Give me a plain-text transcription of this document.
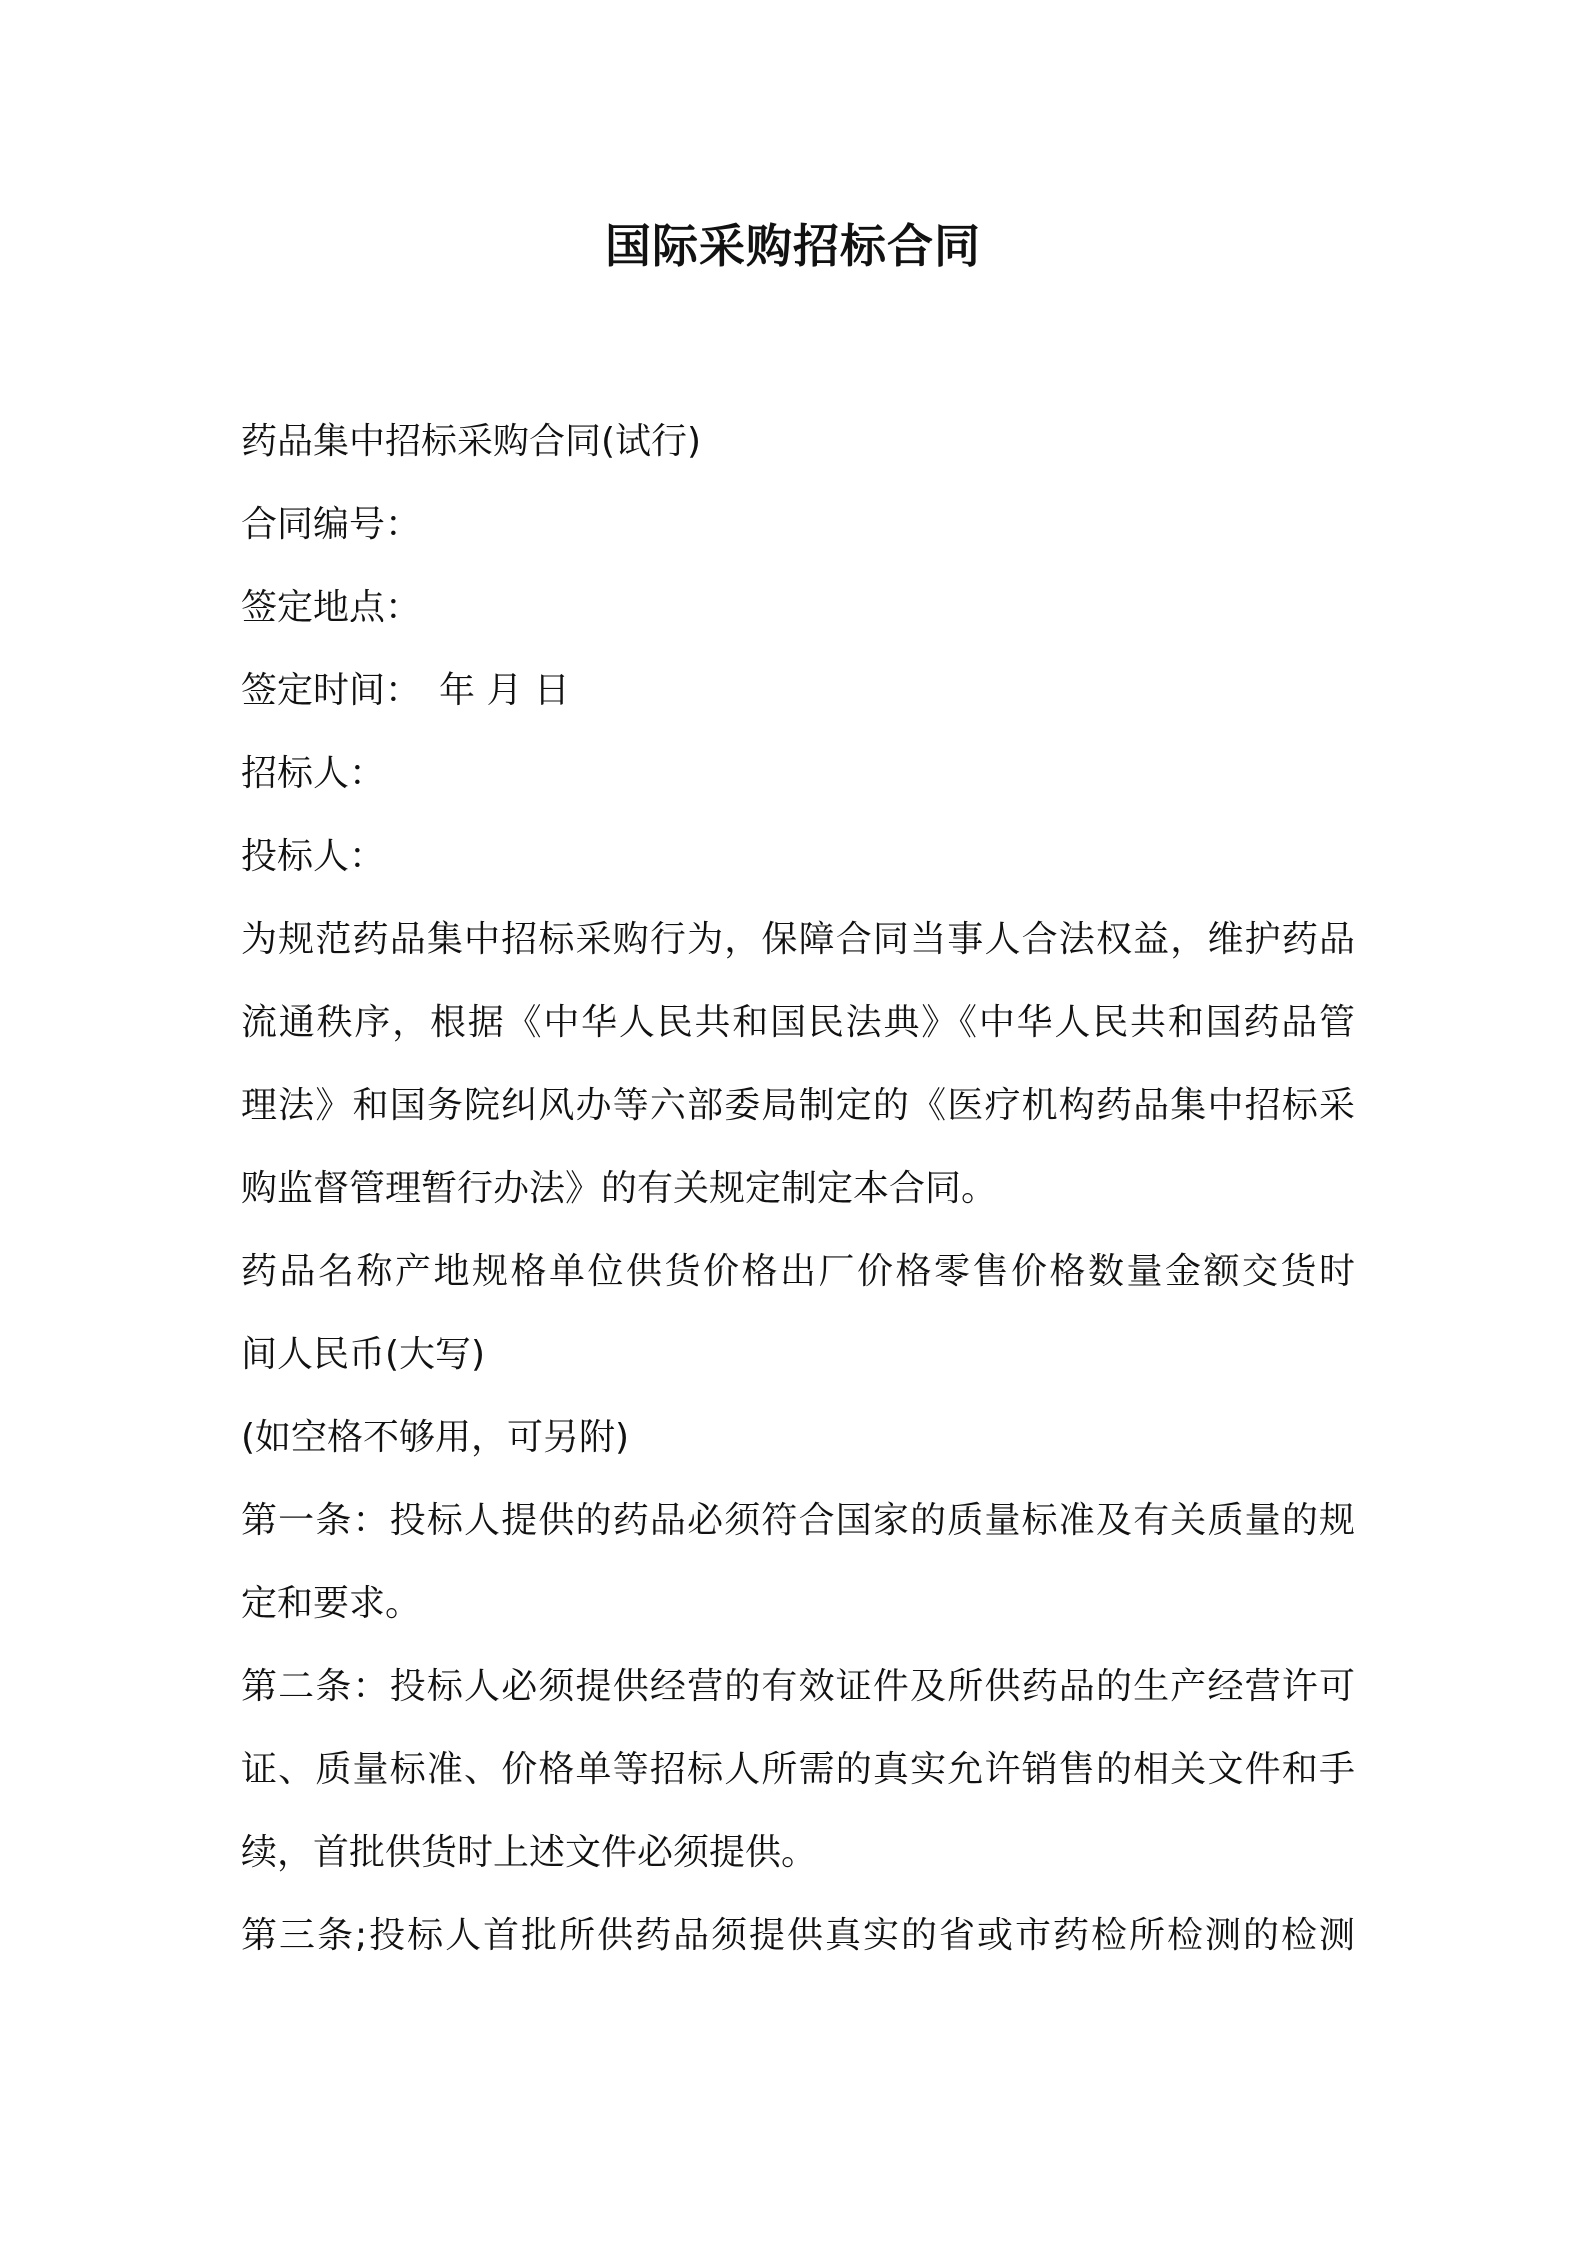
国际采购招标合同
药品集中招标采购合同(试行)
合同编号：
签定地点：
签定时间：　年 月 日
招标人：
投标人：
为规范药品集中招标采购行为，保障合同当事人合法权益，维护药品
流通秩序，根据《中华人民共和国民法典》《中华人民共和国药品管
理法》和国务院纠风办等六部委局制定的《医疗机构药品集中招标采
购监督管理暂行办法》的有关规定制定本合同。
药品名称产地规格单位供货价格出厂价格零售价格数量金额交货时
间人民币(大写)
(如空格不够用，可另附)
第一条：投标人提供的药品必须符合国家的质量标准及有关质量的规
定和要求。
第二条：投标人必须提供经营的有效证件及所供药品的生产经营许可
证、质量标准、价格单等招标人所需的真实允许销售的相关文件和手
续，首批供货时上述文件必须提供。
第三条;投标人首批所供药品须提供真实的省或市药检所检测的检测
